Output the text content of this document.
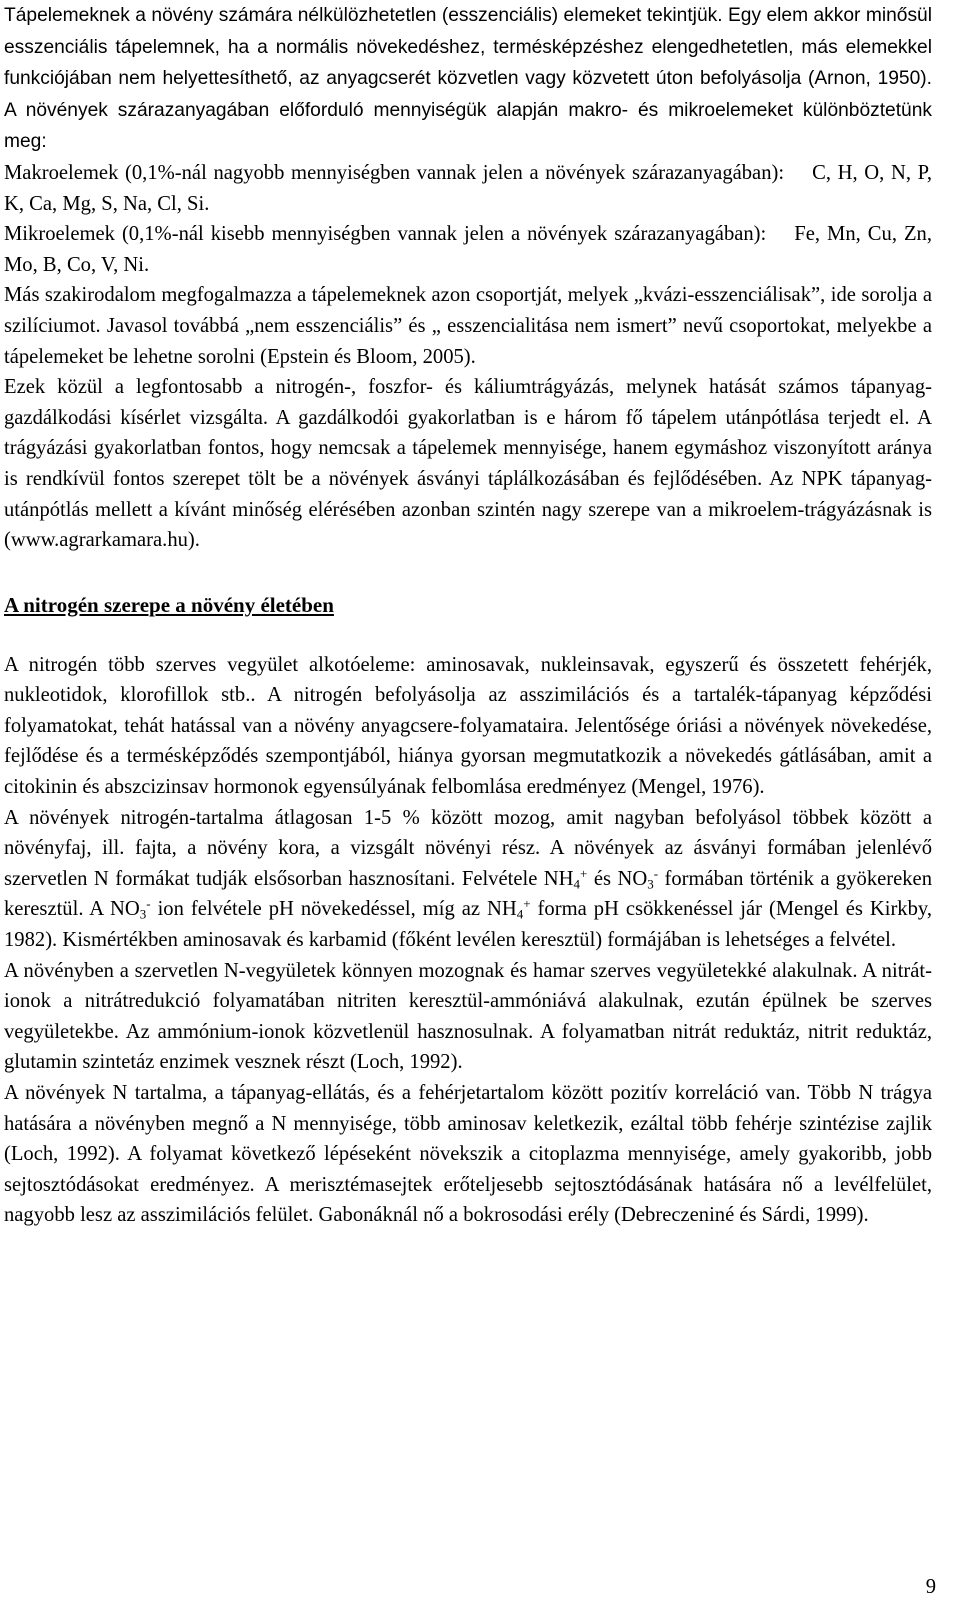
Tápelemeknek a növény számára nélkülözhetetlen (esszenciális) elemeket tekintjük. Egy elem akkor minősül esszenciális tápelemnek, ha a normális növekedéshez, termésképzéshez elengedhetetlen, más elemekkel funkciójában nem helyettesíthető, az anyagcserét közvetlen vagy közvetett úton befolyásolja (Arnon, 1950). A növények szárazanyagában előforduló mennyiségük alapján makro- és mikroelemeket különböztetünk meg:

Makroelemek (0,1%-nál nagyobb mennyiségben vannak jelen a növények szárazanyagában): C, H, O, N, P, K, Ca, Mg, S, Na, Cl, Si.

Mikroelemek (0,1%-nál kisebb mennyiségben vannak jelen a növények szárazanyagában): Fe, Mn, Cu, Zn, Mo, B, Co, V, Ni.

Más szakirodalom megfogalmazza a tápelemeknek azon csoportját, melyek „kvázi-esszenciálisak”, ide sorolja a szilíciumot. Javasol továbbá „nem esszenciális” és „ esszencialitása nem ismert” nevű csoportokat, melyekbe a tápelemeket be lehetne sorolni (Epstein és Bloom, 2005).

Ezek közül a legfontosabb a nitrogén-, foszfor- és káliumtrágyázás, melynek hatását számos tápanyag-gazdálkodási kísérlet vizsgálta. A gazdálkodói gyakorlatban is e három fő tápelem utánpótlása terjedt el. A trágyázási gyakorlatban fontos, hogy nemcsak a tápelemek mennyisége, hanem egymáshoz viszonyított aránya is rendkívül fontos szerepet tölt be a növények ásványi táplálkozásában és fejlődésében. Az NPK tápanyag-utánpótlás mellett a kívánt minőség elérésében azonban szintén nagy szerepe van a mikroelem-trágyázásnak is (www.agrarkamara.hu).

A nitrogén szerepe a növény életében

A nitrogén több szerves vegyület alkotóeleme: aminosavak, nukleinsavak, egyszerű és összetett fehérjék, nukleotidok, klorofillok stb.. A nitrogén befolyásolja az asszimilációs és a tartalék-tápanyag képződési folyamatokat, tehát hatással van a növény anyagcsere-folyamataira. Jelentősége óriási a növények növekedése, fejlődése és a termésképződés szempontjából, hiánya gyorsan megmutatkozik a növekedés gátlásában, amit a citokinin és abszcizinsav hormonok egyensúlyának felbomlása eredményez (Mengel, 1976).

A növények nitrogén-tartalma átlagosan 1-5 % között mozog, amit nagyban befolyásol többek között a növényfaj, ill. fajta, a növény kora, a vizsgált növényi rész. A növények az ásványi formában jelenlévő szervetlen N formákat tudják elsősorban hasznosítani. Felvétele $NH_4^+$ és $NO_3^-$ formában történik a gyökereken keresztül. A $NO_3^-$ ion felvétele pH növekedéssel, míg az $NH_4^+$ forma pH csökkenéssel jár (Mengel és Kirkby, 1982). Kismértékben aminosavak és karbamid (főként levélen keresztül) formájában is lehetséges a felvétel.

A növényben a szervetlen N-vegyületek könnyen mozognak és hamar szerves vegyületekké alakulnak. A nitrát-ionok a nitrátredukció folyamatában nitriten keresztül-ammóniává alakulnak, ezután épülnek be szerves vegyületekbe. Az ammónium-ionok közvetlenül hasznosulnak. A folyamatban nitrát reduktáz, nitrit reduktáz, glutamin szintetáz enzimek vesznek részt (Loch, 1992).

A növények N tartalma, a tápanyag-ellátás, és a fehérjetartalom között pozitív korreláció van. Több N trágya hatására a növényben megnő a N mennyisége, több aminosav keletkezik, ezáltal több fehérje szintézise zajlik (Loch, 1992). A folyamat következő lépéseként növekszik a citoplazma mennyisége, amely gyakoribb, jobb sejtosztódásokat eredményez. A merisztémasejtek erőteljesebb sejtosztódásának hatására nő a levélfelület, nagyobb lesz az asszimilációs felület. Gabonáknál nő a bokrosodási erély (Debreczeniné és Sárdi, 1999).

9
